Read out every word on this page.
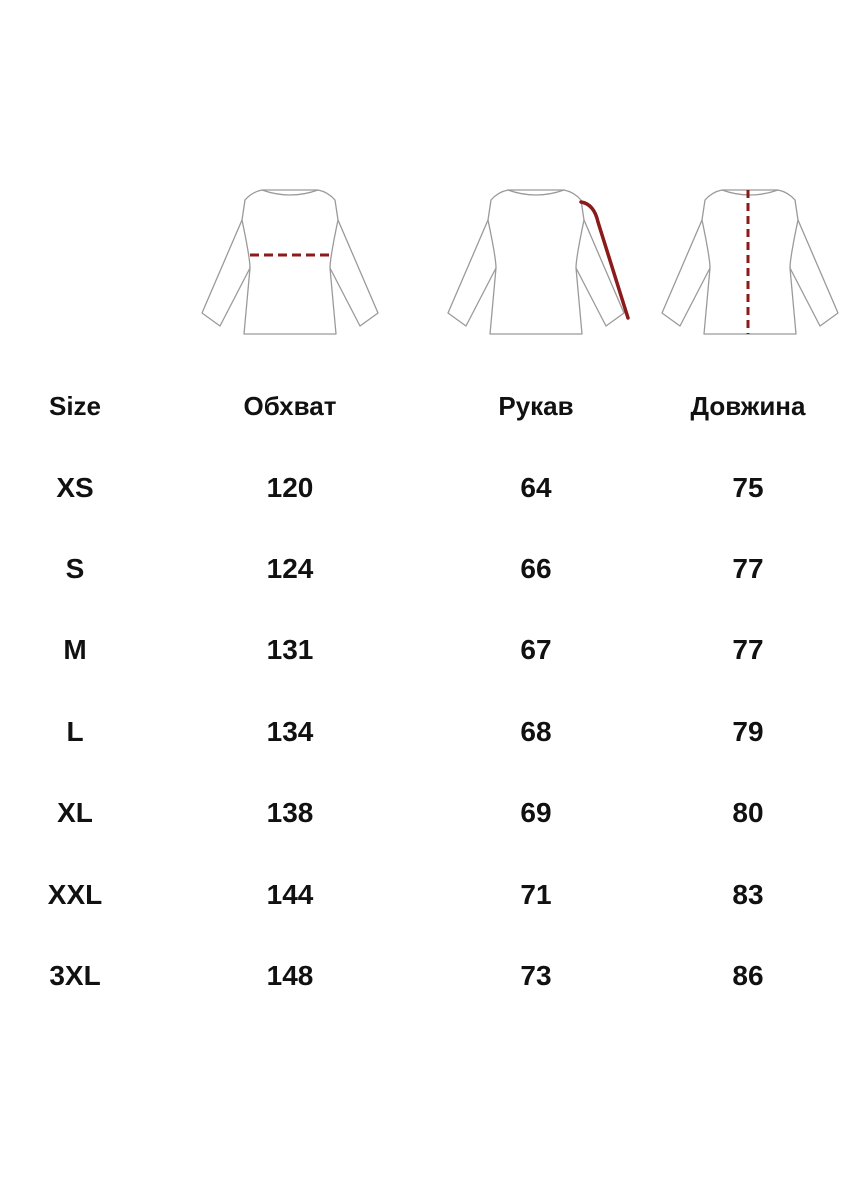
Size	Обхват	Рукав	Довжина
XS	120	64	75
S	124	66	77
M	131	67	77
L	134	68	79
XL	138	69	80
XXL	144	71	83
3XL	148	73	86
